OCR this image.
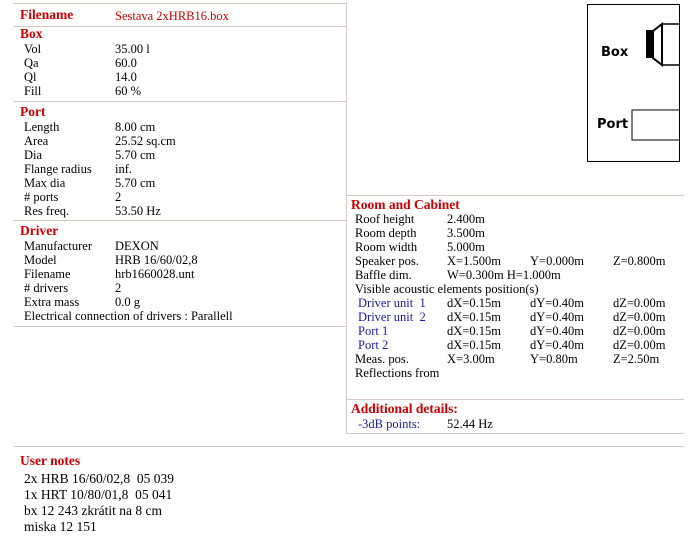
Filename	Sestava 2xHRB16.box
Box
Vol	35.00 l
Qa	60.0
Ql	14.0
Fill	60 %
Port
Length	8.00 cm
Area	25.52 sq.cm
Dia	5.70 cm
Flange radius inf.
Max dia	5.70 cm
# ports	2
Res freq.	53.50 Hz
Driver
Manufacturer DEXON
Model	HRB 16/60/02,8
Filename	hrb1660028.unt
# drivers	2
Extra mass	0.0 g
Electrical connection of drivers : Parallell
Box
Port
Room and Cabinet
Roof height	2.400m
Room depth 3.500m
Room width 5.000m
Speaker pos. X=1.500m Y=0.000m Z=0.800m
Baffle dim.	W=0.300m H=1.000m
Visible acoustic elements position(s)
Driver unit  1 dX=0.15m dY=0.40m dZ=0.00m
Driver unit  2 dX=0.15m dY=0.40m dZ=0.00m
Port 1	dX=0.15m dY=0.40m dZ=0.00m
Port 2	dX=0.15m dY=0.40m dZ=0.00m
Meas. pos.	X=3.00m	Y=0.80m	Z=2.50m
Reflections from
Additional details:
-3dB points: 52.44 Hz
User notes
2x HRB 16/60/02,8  05 039
1x HRT 10/80/01,8  05 041
bx 12 243 zkrátit na 8 cm
miska 12 151
